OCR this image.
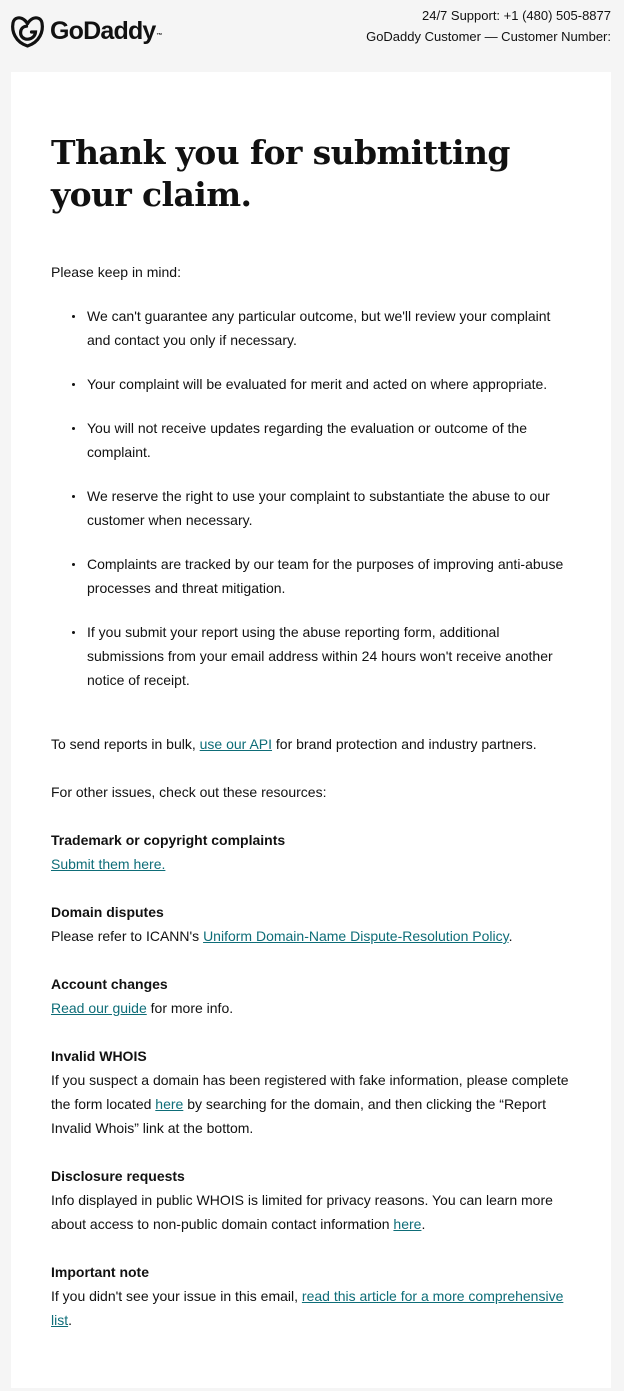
GoDaddy™
24/7 Support: +1 (480) 505-8877
GoDaddy Customer — Customer Number:
Thank you for submitting your claim.

Please keep in mind:

We can't guarantee any particular outcome, but we'll review your complaint and contact you only if necessary.
Your complaint will be evaluated for merit and acted on where appropriate.
You will not receive updates regarding the evaluation or outcome of the complaint.
We reserve the right to use your complaint to substantiate the abuse to our customer when necessary.
Complaints are tracked by our team for the purposes of improving anti-abuse processes and threat mitigation.
If you submit your report using the abuse reporting form, additional submissions from your email address within 24 hours won't receive another notice of receipt.

To send reports in bulk, use our API for brand protection and industry partners.

For other issues, check out these resources:

Trademark or copyright complaints
Submit them here.
Domain disputes
Please refer to ICANN's Uniform Domain-Name Dispute-Resolution Policy.
Account changes
Read our guide for more info.
Invalid WHOIS
If you suspect a domain has been registered with fake information, please complete the form located here by searching for the domain, and then clicking the “Report Invalid Whois” link at the bottom.
Disclosure requests
Info displayed in public WHOIS is limited for privacy reasons. You can learn more about access to non-public domain contact information here.
Important note
If you didn't see your issue in this email, read this article for a more comprehensive list.
